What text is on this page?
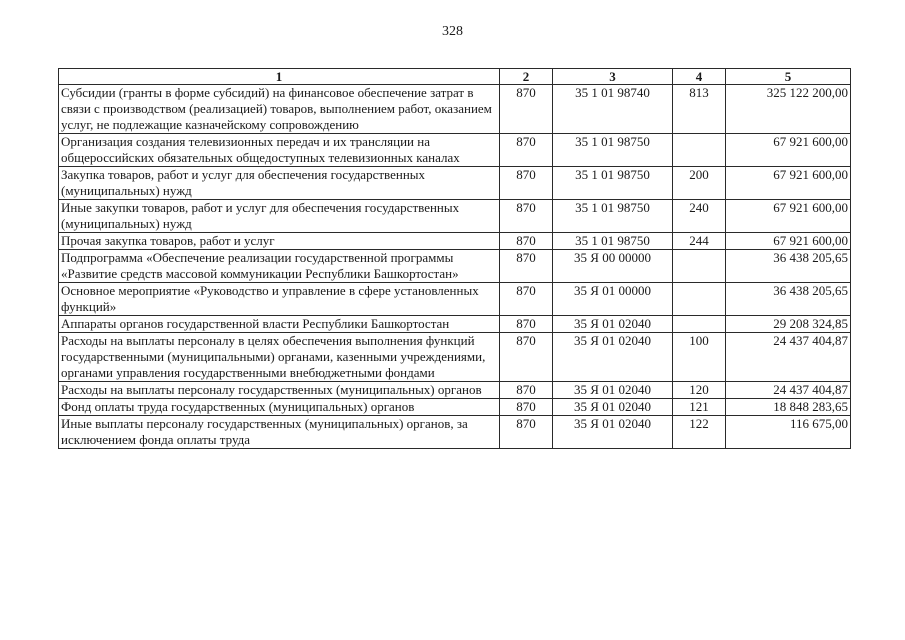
328
1	2	3	4	5
Субсидии (гранты в форме субсидий) на финансовое обеспечение затрат в связи с производством (реализацией) товаров, выполнением работ, оказанием услуг, не подлежащие казначейскому сопровождению	870	35 1 01 98740	813	325 122 200,00
Организация создания телевизионных передач и их трансляции на общероссийских обязательных общедоступных телевизионных каналах	870	35 1 01 98750		67 921 600,00
Закупка товаров, работ и услуг для обеспечения государственных (муниципальных) нужд	870	35 1 01 98750	200	67 921 600,00
Иные закупки товаров, работ и услуг для обеспечения государственных (муниципальных) нужд	870	35 1 01 98750	240	67 921 600,00
Прочая закупка товаров, работ и услуг	870	35 1 01 98750	244	67 921 600,00
Подпрограмма «Обеспечение реализации государственной программы «Развитие средств массовой коммуникации Республики Башкортостан»	870	35 Я 00 00000		36 438 205,65
Основное мероприятие «Руководство и управление в сфере установленных функций»	870	35 Я 01 00000		36 438 205,65
Аппараты органов государственной власти Республики Башкортостан	870	35 Я 01 02040		29 208 324,85
Расходы на выплаты персоналу в целях обеспечения выполнения функций государственными (муниципальными) органами, казенными учреждениями, органами управления государственными внебюджетными фондами	870	35 Я 01 02040	100	24 437 404,87
Расходы на выплаты персоналу государственных (муниципальных) органов	870	35 Я 01 02040	120	24 437 404,87
Фонд оплаты труда государственных (муниципальных) органов	870	35 Я 01 02040	121	18 848 283,65
Иные выплаты персоналу государственных (муниципальных) органов, за исключением фонда оплаты труда	870	35 Я 01 02040	122	116 675,00
